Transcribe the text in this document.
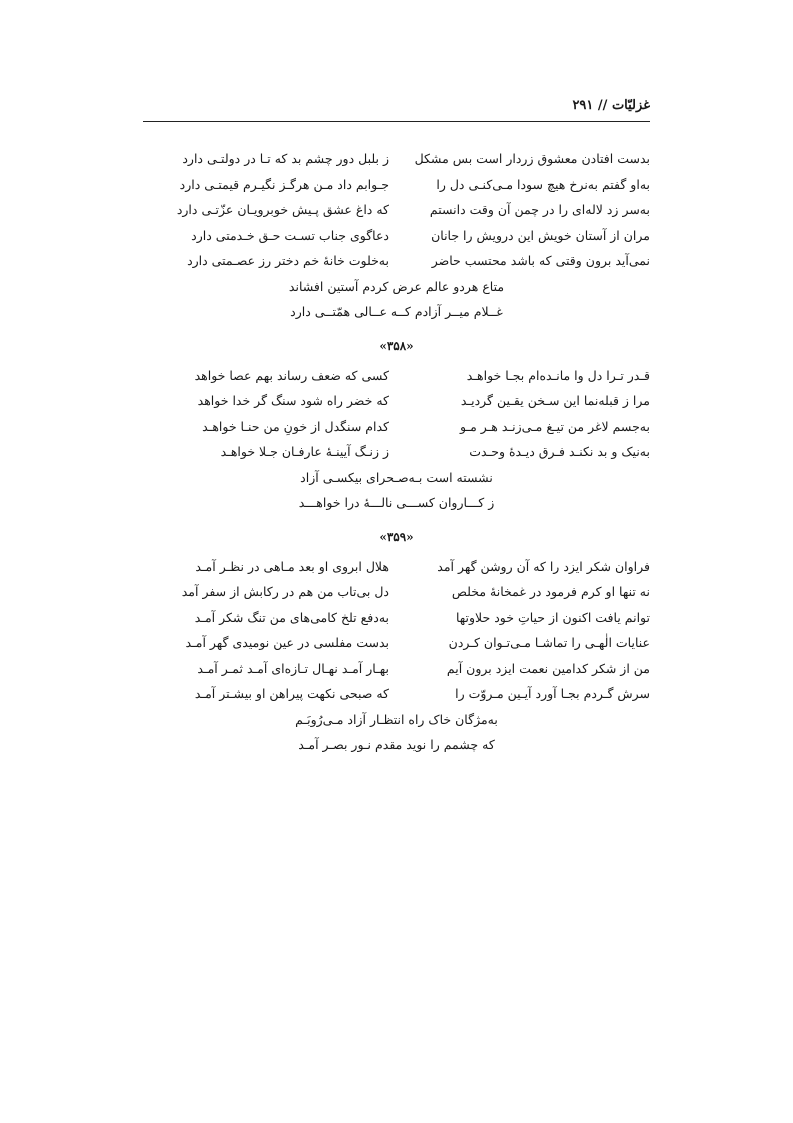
غزلیّات // ۲۹۱
بدست افتادن معشوق زردار است بس مشکل
ز بلبل دور چشم بد که تـا در دولتـی دارد
به‌او گفتم به‌نرخ هیچ سودا مـی‌کنـی دل را
جـوابم داد مـن هرگـز نگیـرم قیمتـی دارد
به‌سر زد لاله‌ای را در چمن آن وقت دانستم
که داغ عشق پـیش خوبرویـان عزّتـی دارد
مران از آستان خویش این درویش را جانان
دعاگوی جناب تسـت حـق خـدمتی دارد
نمی‌آید برون وقتی که باشد محتسب حاضر
به‌خلوت خانهٔ خم دختر رز عصـمتی دارد
متاع هردو عالم عرض کردم آستین افشاند
غــلام میــر آزادم کــه عــالی همّتــی دارد
«۳۵۸»
قـدر تـرا دل وا مانـده‌ام بجـا خواهـد
کسی که ضعف رساند بهم عصا خواهد
مرا ز قبله‌نما این سـخن یقـین گردیـد
که خضر راه شود سنگ گر خدا خواهد
به‌جسم لاغر من تیـغ مـی‌زنـد هـر مـو
کدام سنگدل از خونِ من حنـا خواهـد
به‌نیک و بد نکنـد فـرق دیـدهٔ وحـدت
ز زنـگ آیینـهٔ عارفـان جـلا خواهـد
نشسته است بـه‌صـحرای بیکسـی آزاد
ز کـــاروان کســـی نالـــهٔ درا خواهـــد
«۳۵۹»
فراوان شکر ایزد را که آن روشن گهر آمد
هلال ابروی او بعد مـاهی در نظـر آمـد
نه تنها او کرم فرمود در غمخانهٔ مخلص
دل بی‌تاب من هم در رکابش از سفر آمد
توانم یافت اکنون از حیاتِ خود حلاوتها
به‌دفع تلخ کامی‌های من تنگ شکر آمـد
عنایات الٰهـی را تماشـا مـی‌تـوان کـردن
بدست مفلسی در عین نومیدی گهر آمـد
من از شکر کدامین نعمت ایزد برون آیم
بهـار آمـد نهـال تـازه‌ای آمـد ثمـر آمـد
سرش گـردم بجـا آورد آیـین مـروّت را
که صبحی نکهت پیراهن او بیشـتر آمـد
به‌مژگان خاک راه انتظـار آزاد مـی‌رُوبَـم
که چشمم را نوید مقدم نـور بصـر آمـد
